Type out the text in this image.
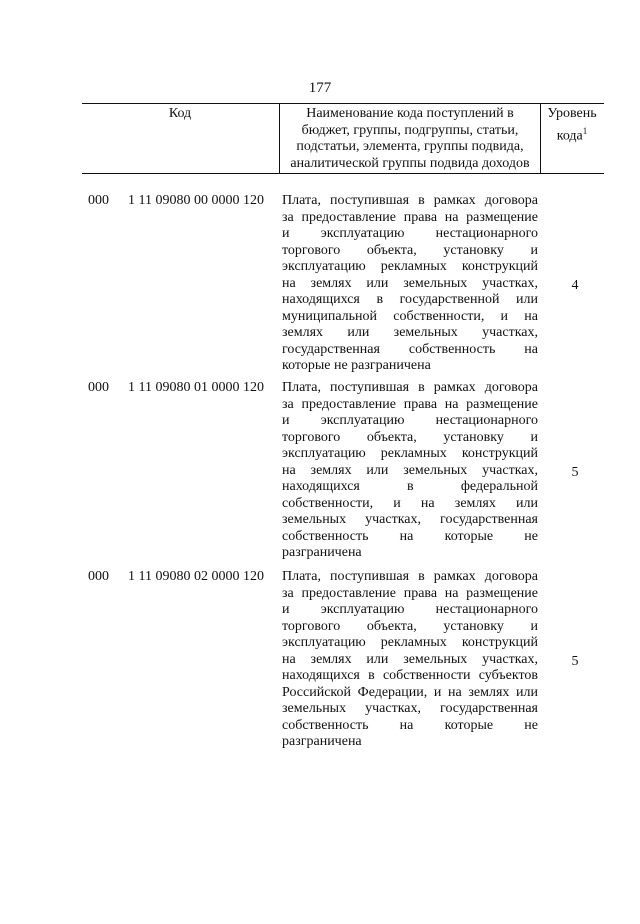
177
Код	Наименование кода поступлений в
бюджет, группы, подгруппы, статьи,
подстатьи, элемента, группы подвида,
аналитической группы подвида доходов
Уровень
кода$^1$
000 1 11 09080 00 0000 120 Плата, поступившая в рамках договора
за предоставление права на размещение
и эксплуатацию нестационарного
торгового объекта, установку и
эксплуатацию рекламных конструкций
на землях или земельных участках,
находящихся в государственной или
муниципальной собственности, и на
землях или земельных участках,
государственная собственность на
которые не разграничена
4
000 1 11 09080 01 0000 120 Плата, поступившая в рамках договора
за предоставление права на размещение
и эксплуатацию нестационарного
торгового объекта, установку и
эксплуатацию рекламных конструкций
на землях или земельных участках,
находящихся в федеральной
собственности, и на землях или
земельных участках, государственная
собственность на которые не
разграничена
5
000 1 11 09080 02 0000 120 Плата, поступившая в рамках договора
за предоставление права на размещение
и эксплуатацию нестационарного
торгового объекта, установку и
эксплуатацию рекламных конструкций
на землях или земельных участках,
находящихся в собственности субъектов
Российской Федерации, и на землях или
земельных участках, государственная
собственность на которые не
разграничена
5
